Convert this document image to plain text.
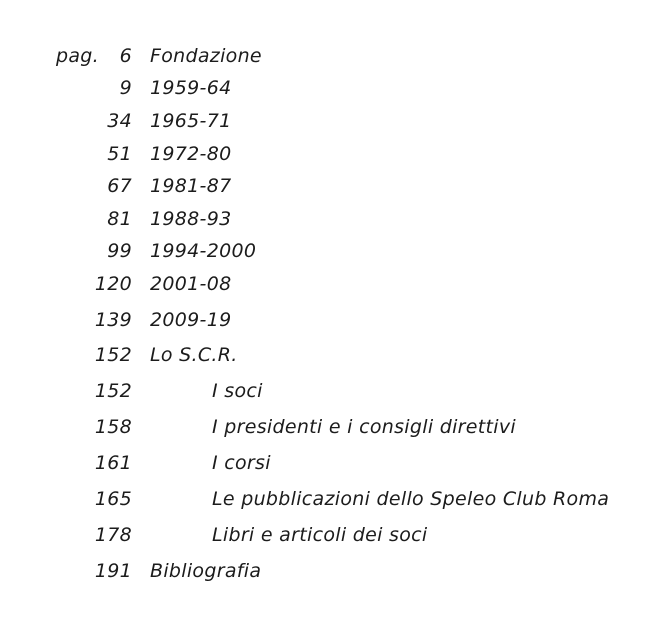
pag. 6 Fondazione
9 1959-64
34 1965-71
51 1972-80
67 1981-87
81 1988-93
99 1994-2000
120 2001-08
139 2009-19
152 Lo S.C.R.
152	I soci
158	I presidenti e i consigli direttivi
161	I corsi
165	Le pubblicazioni dello Speleo Club Roma
178	Libri e articoli dei soci
191 Bibliografia
